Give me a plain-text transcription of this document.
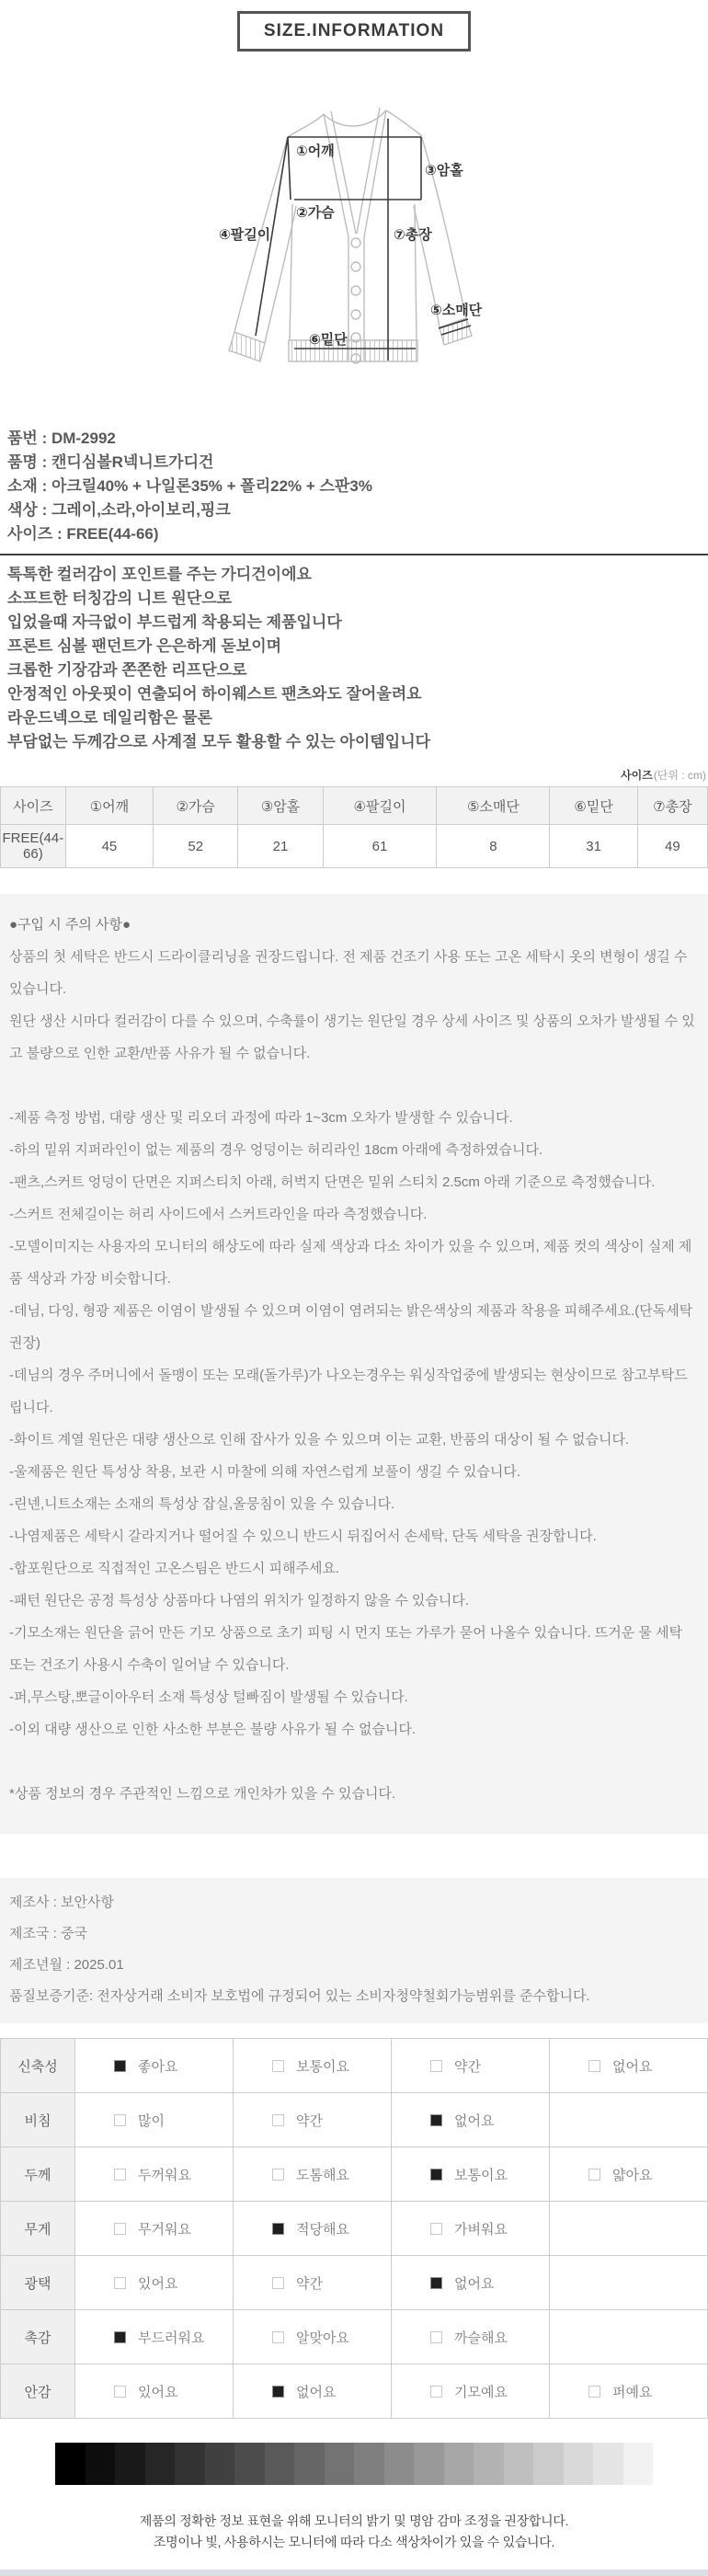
SIZE.INFORMATION
①어깨
③암홀
②가슴
④팔길이	⑦총장
⑤소매단
⑥밑단
품번 : DM-2992
품명 : 캔디심볼R넥니트가디건
소재 : 아크릴40% + 나일론35% + 폴리22% + 스판3%
색상 : 그레이,소라,아이보리,핑크
사이즈 : FREE(44-66)
톡톡한 컬러감이 포인트를 주는 가디건이에요
소프트한 터칭감의 니트 원단으로
입었을때 자극없이 부드럽게 착용되는 제품입니다
프론트 심볼 팬던트가 은은하게 돋보이며
크롭한 기장감과 쫀쫀한 리프단으로
안정적인 아웃핏이 연출되어 하이웨스트 팬츠와도 잘어울려요
라운드넥으로 데일리함은 물론
부담없는 두께감으로 사계절 모두 활용할 수 있는 아이템입니다
사이즈(단위 : cm)
사이즈	①어깨	②가슴	③암홀	④팔길이	⑤소매단	⑥밑단	⑦총장
FREE(44-66)	45	52	21	61	8	31	49
●구입 시 주의 사항●
상품의 첫 세탁은 반드시 드라이클리닝을 권장드립니다. 전 제품 건조기 사용 또는 고온 세탁시 옷의 변형이 생길 수 있습니다.
원단 생산 시마다 컬러감이 다를 수 있으며, 수축률이 생기는 원단일 경우 상세 사이즈 및 상품의 오차가 발생될 수 있고 불량으로 인한 교환/반품 사유가 될 수 없습니다.
-제품 측정 방법, 대량 생산 및 리오더 과정에 따라 1~3cm 오차가 발생할 수 있습니다.
-하의 밑위 지퍼라인이 없는 제품의 경우 엉덩이는 허리라인 18cm 아래에 측정하였습니다.
-팬츠,스커트 엉덩이 단면은 지퍼스티치 아래, 허벅지 단면은 밑위 스티치 2.5cm 아래 기준으로 측정했습니다.
-스커트 전체길이는 허리 사이드에서 스커트라인을 따라 측정했습니다.
-모델이미지는 사용자의 모니터의 해상도에 따라 실제 색상과 다소 차이가 있을 수 있으며, 제품 컷의 색상이 실제 제품 색상과 가장 비슷합니다.
-데님, 다잉, 형광 제품은 이염이 발생될 수 있으며 이염이 염려되는 밝은색상의 제품과 착용을 피해주세요.(단독세탁권장)
-데님의 경우 주머니에서 돌맹이 또는 모래(돌가루)가 나오는경우는 워싱작업중에 발생되는 현상이므로 참고부탁드립니다.
-화이트 계열 원단은 대량 생산으로 인해 잡사가 있을 수 있으며 이는 교환, 반품의 대상이 될 수 없습니다.
-울제품은 원단 특성상 착용, 보관 시 마찰에 의해 자연스럽게 보풀이 생길 수 있습니다.
-린넨,니트소재는 소재의 특성상 잡실,올뭉침이 있을 수 있습니다.
-나염제품은 세탁시 갈라지거나 떨어질 수 있으니 반드시 뒤집어서 손세탁, 단독 세탁을 권장합니다.
-합포원단으로 직접적인 고온스팀은 반드시 피해주세요.
-패턴 원단은 공정 특성상 상품마다 나염의 위치가 일정하지 않을 수 있습니다.
-기모소재는 원단을 긁어 만든 기모 상품으로 초기 피팅 시 먼지 또는 가루가 묻어 나올수 있습니다. 뜨거운 물 세탁 또는 건조기 사용시 수축이 일어날 수 있습니다.
-퍼,무스탕,뽀글이아우터 소재 특성상 털빠짐이 발생될 수 있습니다.
-이외 대량 생산으로 인한 사소한 부분은 불량 사유가 될 수 없습니다.
*상품 정보의 경우 주관적인 느낌으로 개인차가 있을 수 있습니다.
제조사 : 보안사항
제조국 : 중국
제조년월 : 2025.01
품질보증기준: 전자상거래 소비자 보호법에 규정되어 있는 소비자청약철회가능범위를 준수합니다.
신축성	좋아요	보통이요	약간	없어요
비침	많이	약간	없어요	
두께	두꺼워요	도톰해요	보통이요	얇아요
무게	무거워요	적당해요	가벼워요	
광택	있어요	약간	없어요	
촉감	부드러워요	알맞아요	까슬해요	
안감	있어요	없어요	기모예요	퍼예요
제품의 정확한 정보 표현을 위해 모니터의 밝기 및 명암 감마 조정을 권장합니다.
조명이나 빛, 사용하시는 모니터에 따라 다소 색상차이가 있을 수 있습니다.
